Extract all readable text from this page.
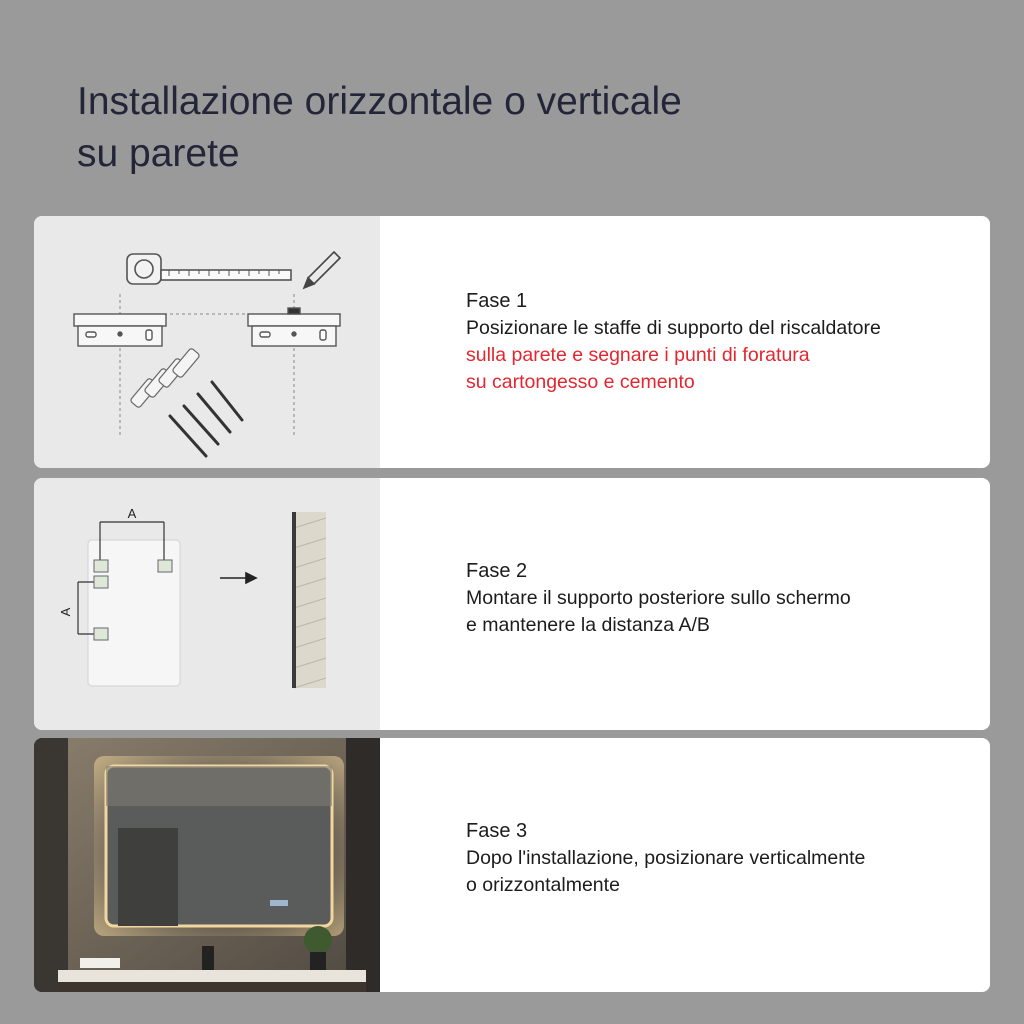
Installazione orizzontale o verticale
su parete

Fase 1

Posizionare le staffe di supporto del riscaldatore

sulla parete e segnare i punti di foratura

su cartongesso e cemento

A
A

Fase 2

Montare il supporto posteriore sullo schermo

e mantenere la distanza A/B

Fase 3

Dopo l'installazione, posizionare verticalmente

o orizzontalmente
